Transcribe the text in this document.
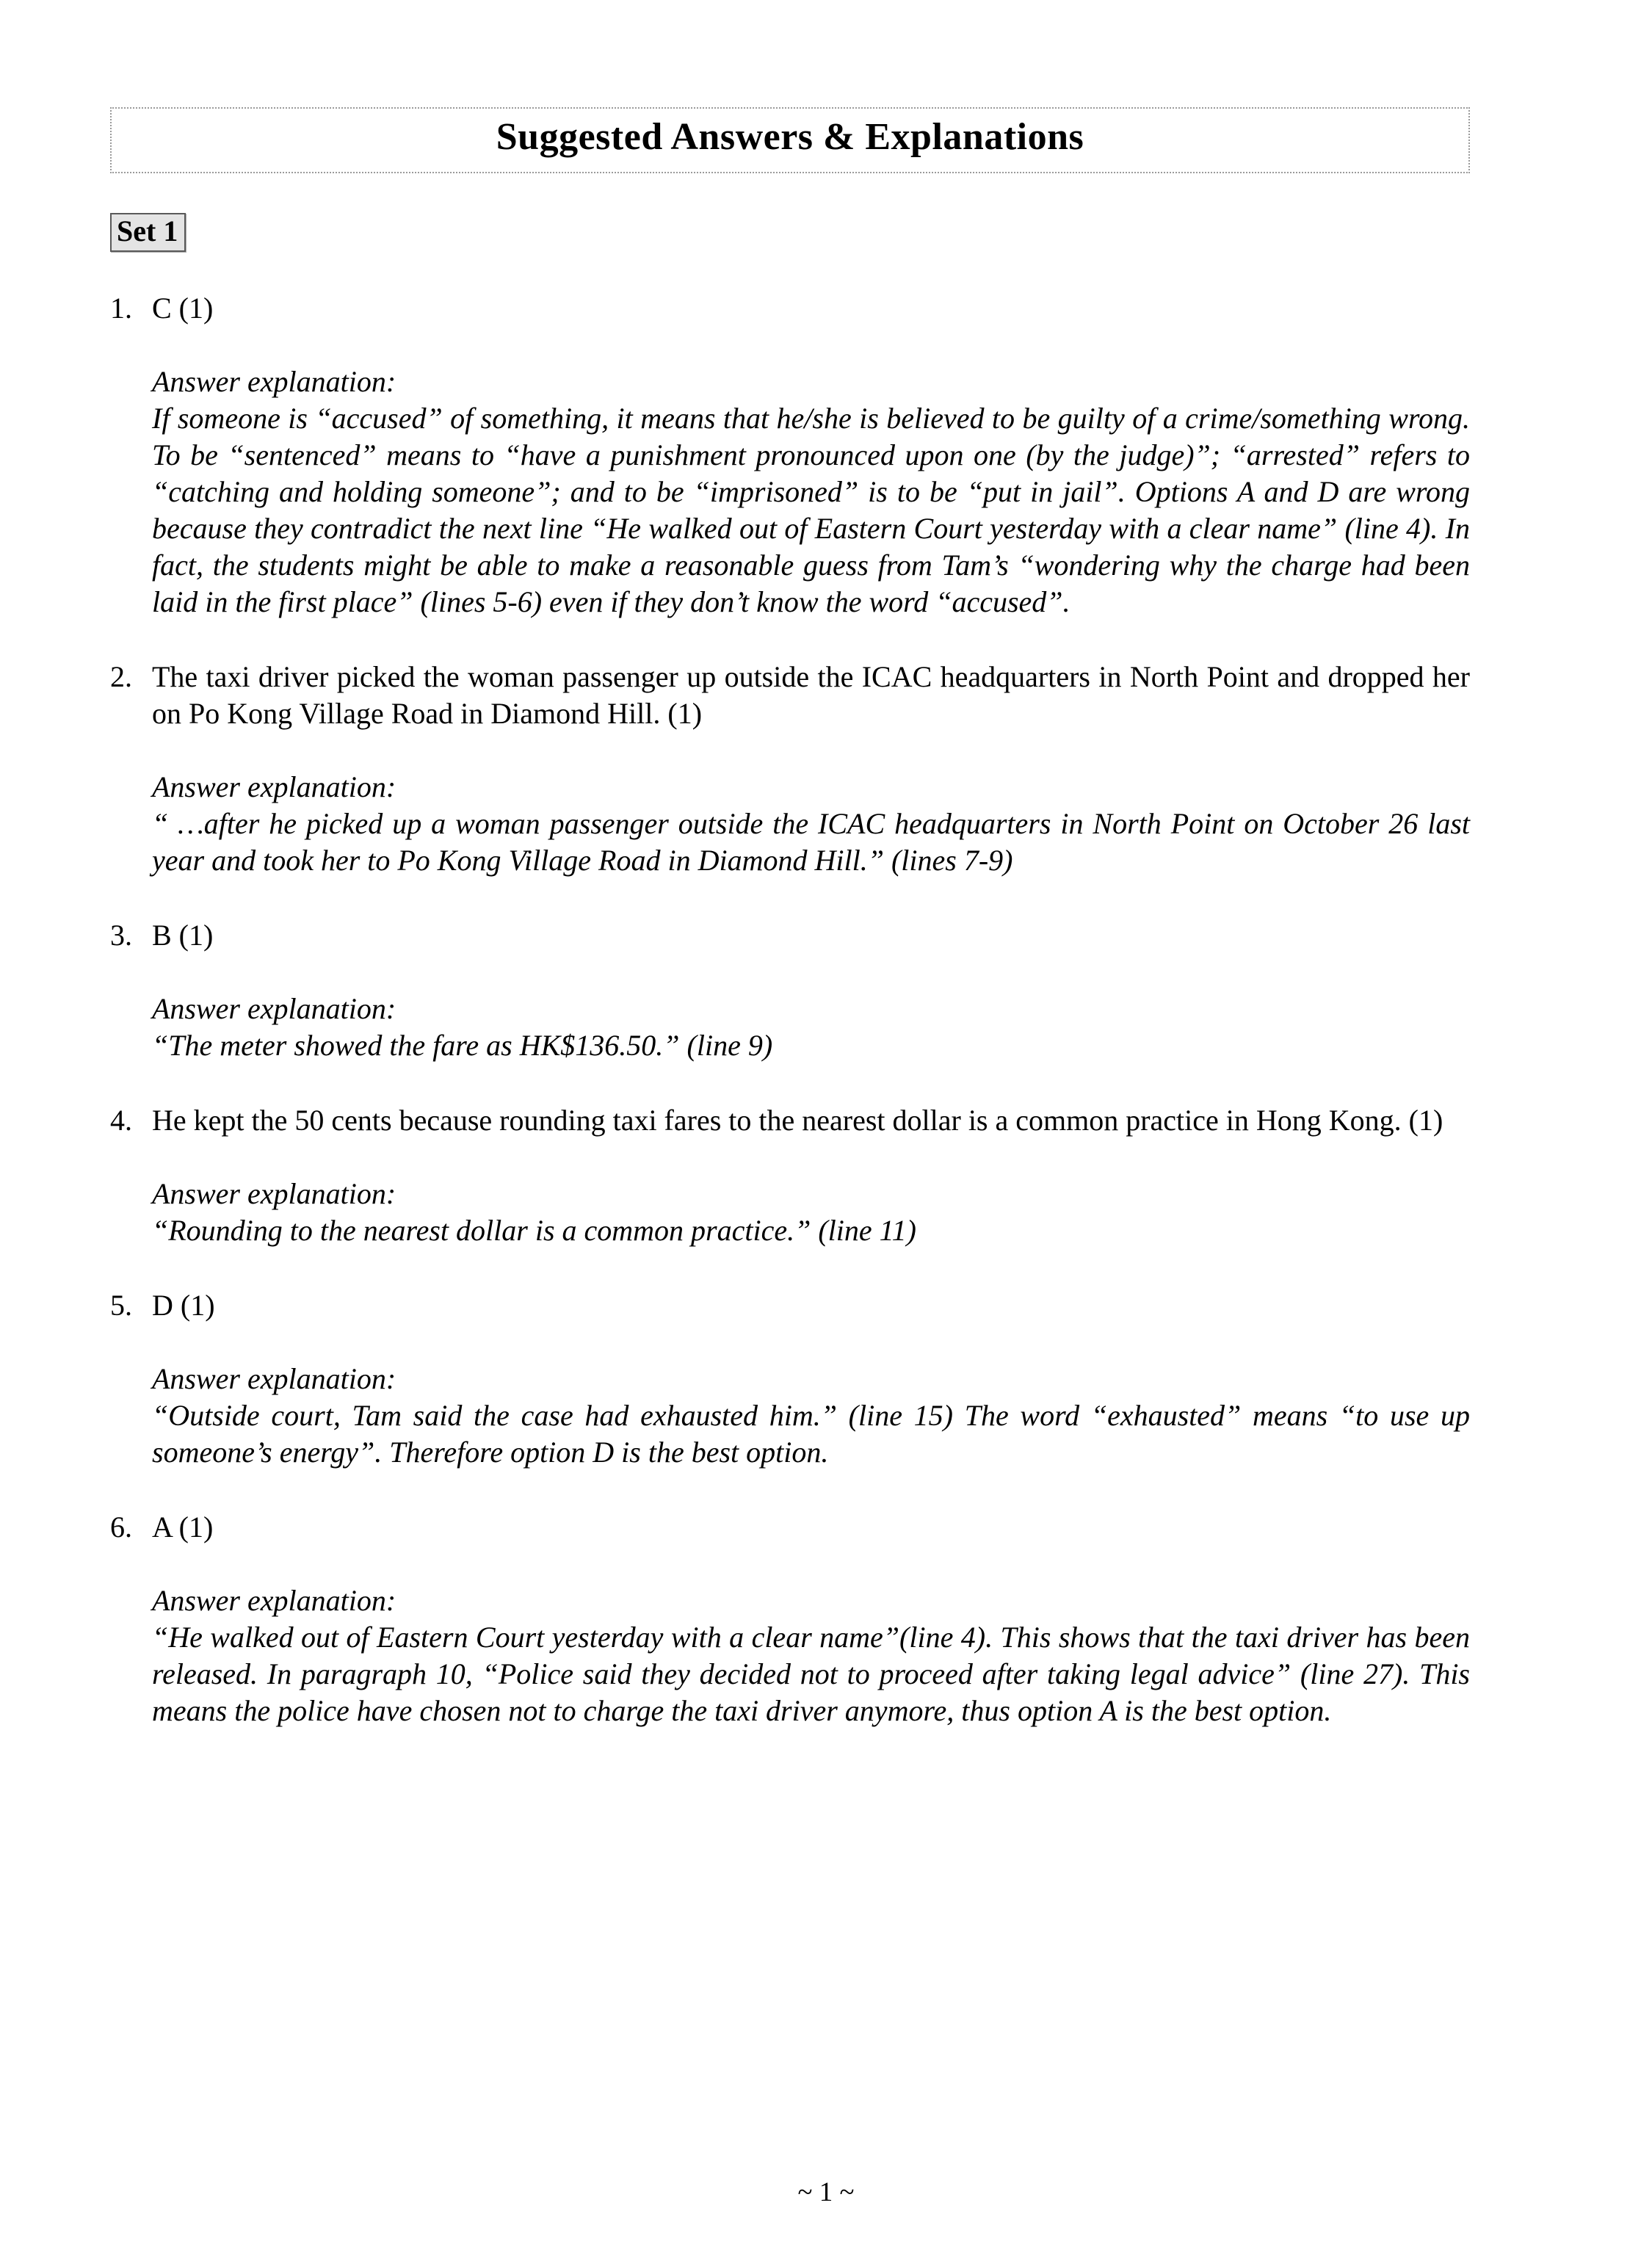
Suggested Answers & Explanations
Set 1
1. C (1)
Answer explanation:
If someone is “accused” of something, it means that he/she is believed to be guilty of a crime/something wrong. To be “sentenced” means to “have a punishment pronounced upon one (by the judge)”; “arrested” refers to “catching and holding someone”; and to be “imprisoned” is to be “put in jail”. Options A and D are wrong because they contradict the next line “He walked out of Eastern Court yesterday with a clear name” (line 4). In fact, the students might be able to make a reasonable guess from Tam’s “wondering why the charge had been laid in the first place” (lines 5-6) even if they don’t know the word “accused”.
2. The taxi driver picked the woman passenger up outside the ICAC headquarters in North Point and dropped her on Po Kong Village Road in Diamond Hill. (1)
Answer explanation:
“ …after he picked up a woman passenger outside the ICAC headquarters in North Point on October 26 last year and took her to Po Kong Village Road in Diamond Hill.” (lines 7-9)
3. B (1)
Answer explanation:
“The meter showed the fare as HK$136.50.” (line 9)
4. He kept the 50 cents because rounding taxi fares to the nearest dollar is a common practice in Hong Kong. (1)
Answer explanation:
“Rounding to the nearest dollar is a common practice.” (line 11)
5. D (1)
Answer explanation:
“Outside court, Tam said the case had exhausted him.” (line 15) The word “exhausted” means “to use up someone’s energy”. Therefore option D is the best option.
6. A (1)
Answer explanation:
“He walked out of Eastern Court yesterday with a clear name”(line 4). This shows that the taxi driver has been released. In paragraph 10, “Police said they decided not to proceed after taking legal advice” (line 27). This means the police have chosen not to charge the taxi driver anymore, thus option A is the best option.
~ 1 ~
